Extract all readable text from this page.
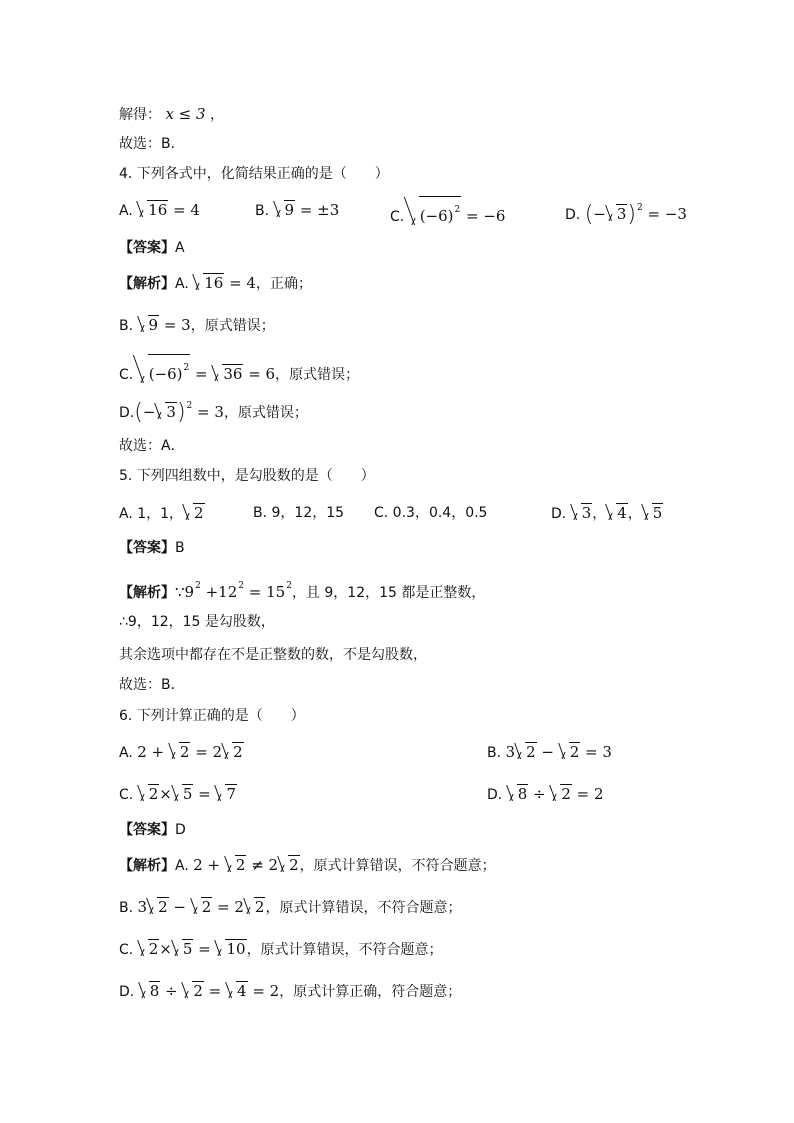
解得： x ≤ 3 ，
故选：B．
4. 下列各式中，化简结果正确的是（　　）
A. 16 = 4	B. 9 = ±3	C. $(-6)^2 = -6$	D. (− 3)$^2$ = −3
【答案】A
【解析】A. 16 = 4，正确；
B. 9 = 3，原式错误；
C. $(-6)^2 = 36 = 6$，原式错误；
$D.(- 3)^2 = 3$，原式错误；
故选：A．
5. 下列四组数中，是勾股数的是（　　）
A. 1，1， 2	B. 9，12，15 C. 0.3，0.4，0.5	D. 3， 4， 5
【答案】B
【解析】$\because 9^2 +12^2 = 15^2$，且 9，12，15 都是正整数，
∴9，12，15 是勾股数，
其余选项中都存在不是正整数的数，不是勾股数，
故选：B．
6. 下列计算正确的是（　　）
A. 2 + 2 = 2 2	B. 3 2 − 2 = 3
C. 2× 5 = 7	D. 8 ÷ 2 = 2
【答案】D
【解析】A. 2 + 2 ≠ 2 2，原式计算错误，不符合题意；
B. 3 2 − 2 = 2 2，原式计算错误，不符合题意；
C. 2× 5 = 10，原式计算错误，不符合题意；
D. 8 ÷ 2 = 4 = 2，原式计算正确，符合题意；
